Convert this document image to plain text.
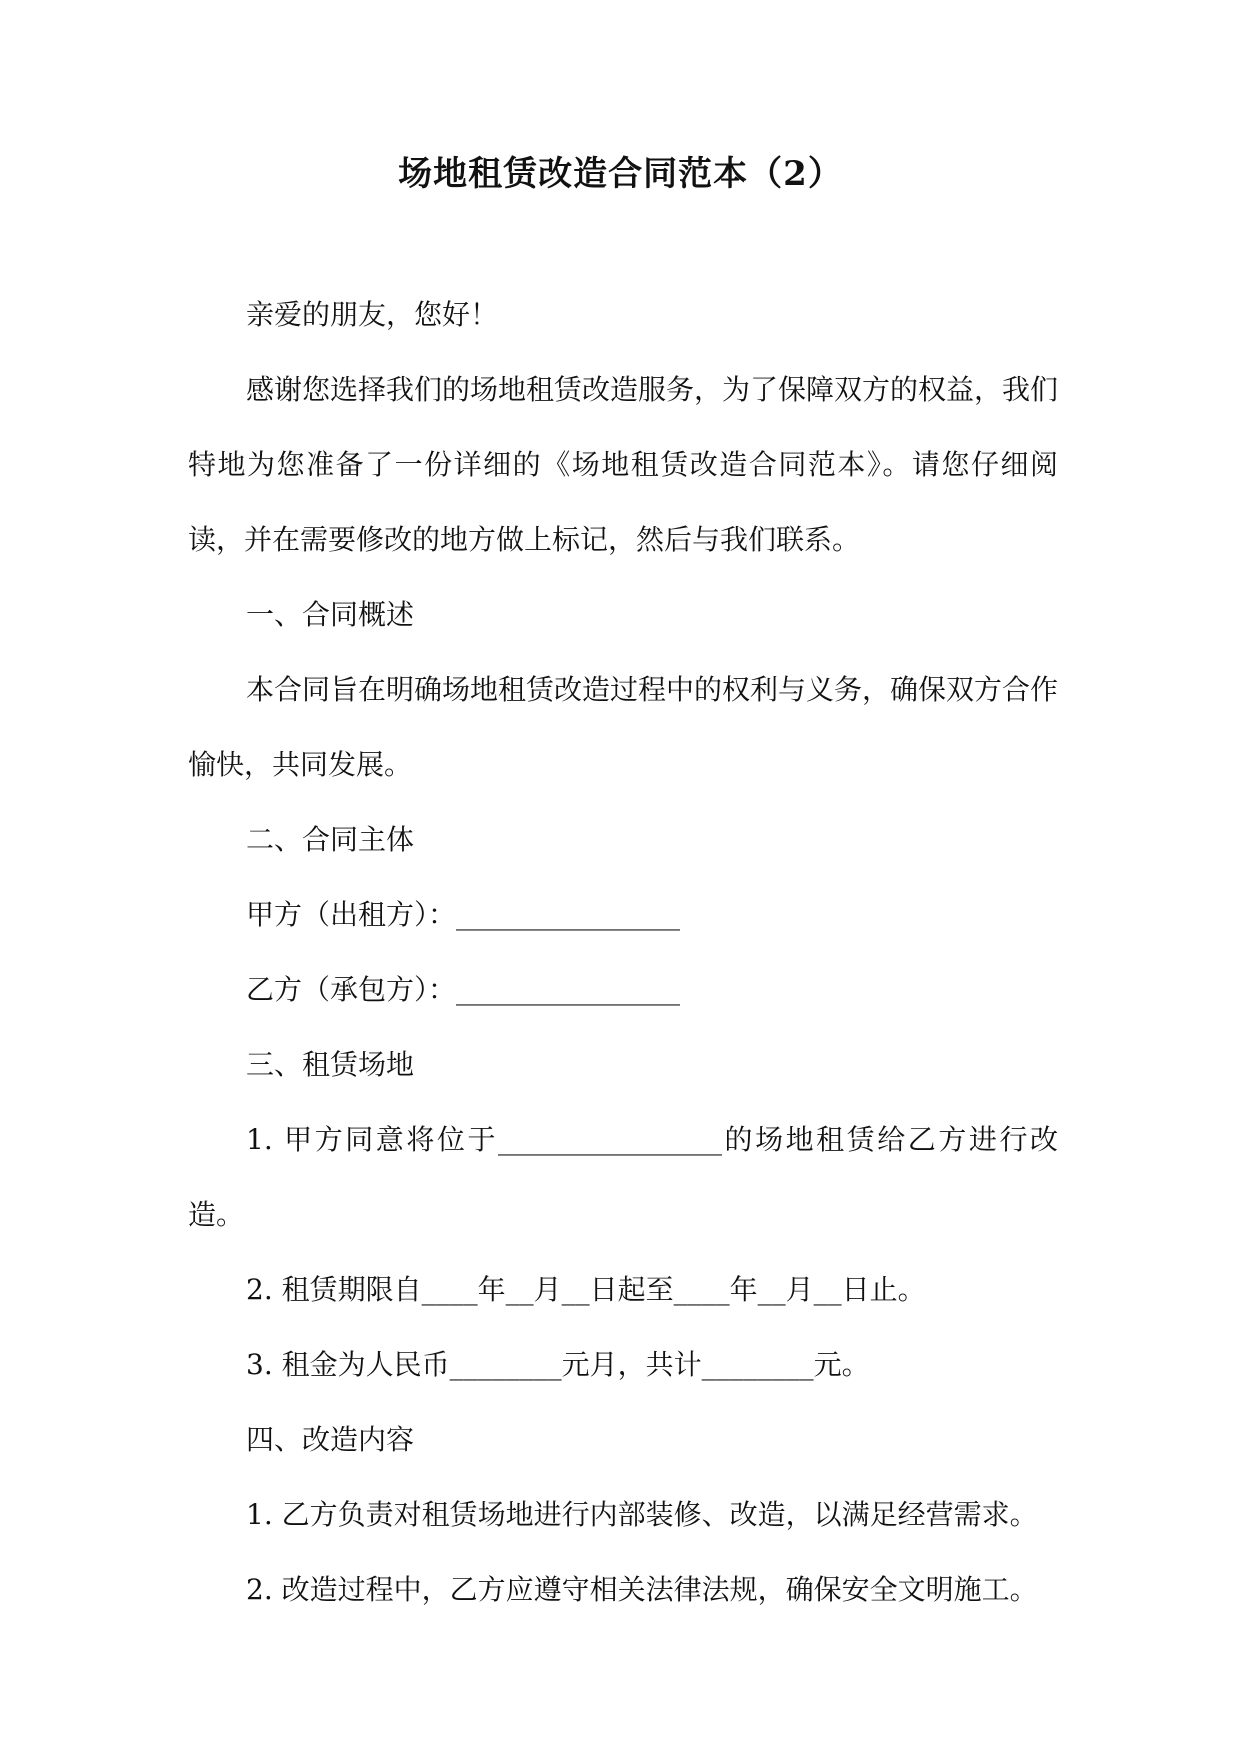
场地租赁改造合同范本（2）

亲爱的朋友，您好！

感谢您选择我们的场地租赁改造服务，为了保障双方的权益，我们特地为您准备了一份详细的《场地租赁改造合同范本》。请您仔细阅读，并在需要修改的地方做上标记，然后与我们联系。

一、合同概述

本合同旨在明确场地租赁改造过程中的权利与义务，确保双方合作愉快，共同发展。

二、合同主体

甲方（出租方）：________________

乙方（承包方）：________________

三、租赁场地

1. 甲方同意将位于________________的场地租赁给乙方进行改造。

2. 租赁期限自____年__月__日起至____年__月__日止。

3. 租金为人民币________元月，共计________元。

四、改造内容

1. 乙方负责对租赁场地进行内部装修、改造，以满足经营需求。

2. 改造过程中，乙方应遵守相关法律法规，确保安全文明施工。
